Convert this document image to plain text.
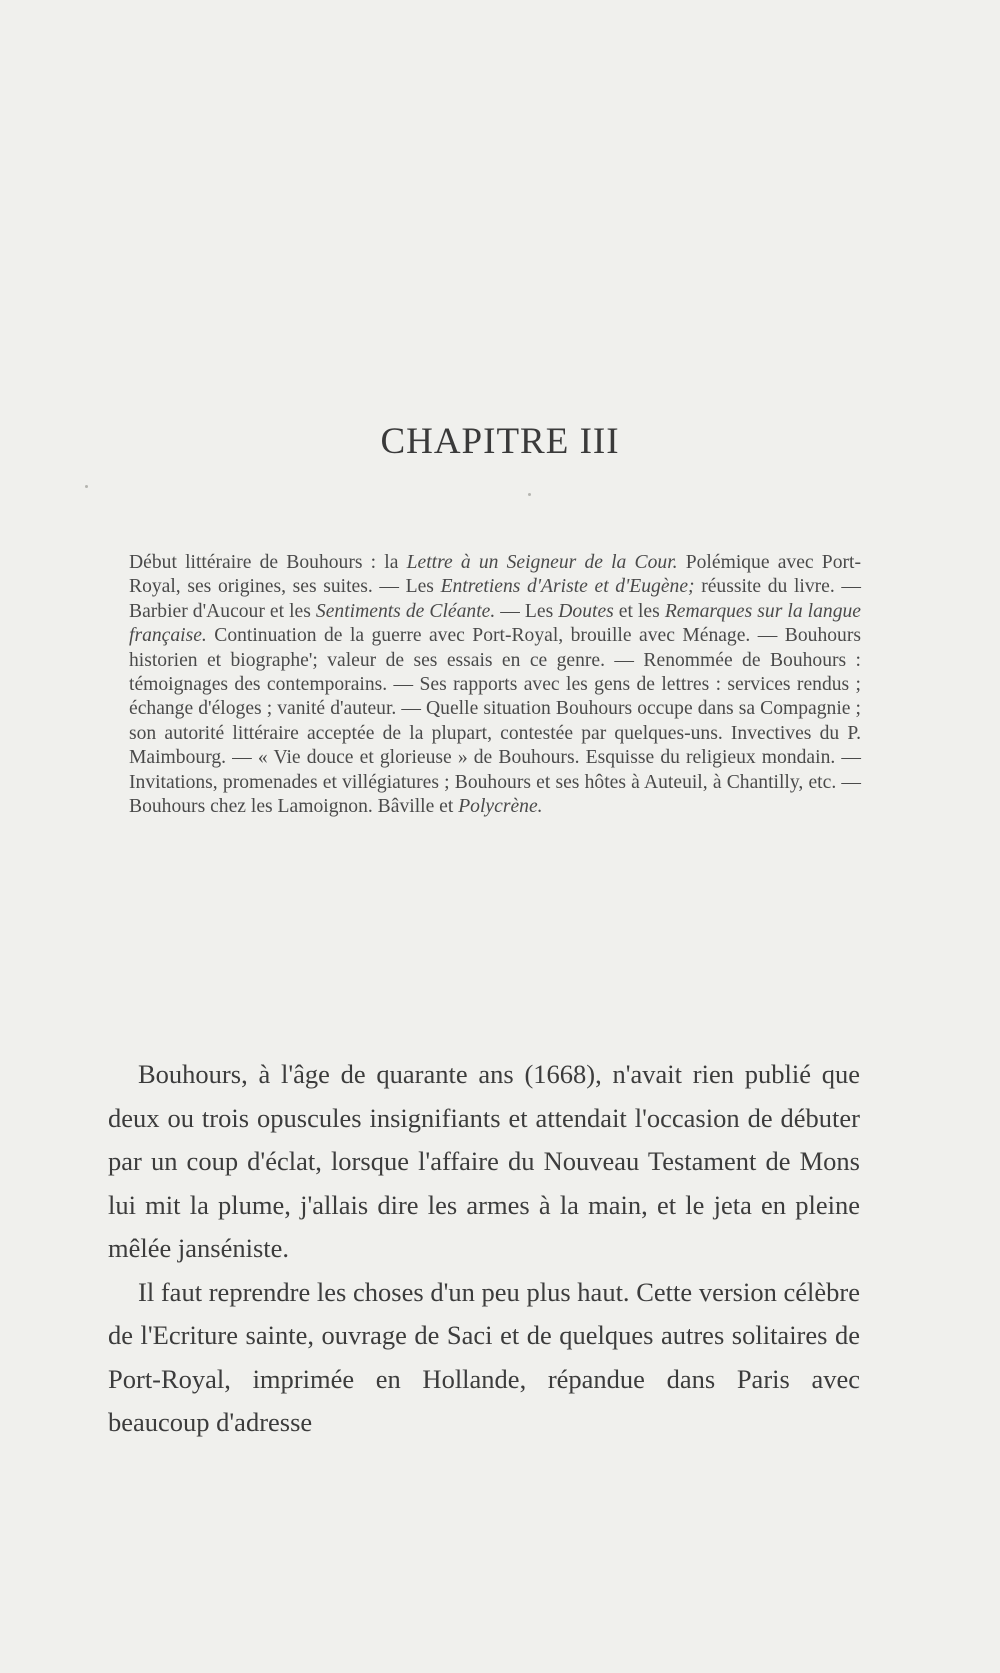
CHAPITRE III

Début littéraire de Bouhours : la Lettre à un Seigneur de la Cour. Polémique avec Port-Royal, ses origines, ses suites. — Les Entretiens d'Ariste et d'Eugène; réussite du livre. — Barbier d'Aucour et les Sentiments de Cléante. — Les Doutes et les Remarques sur la langue française. Continuation de la guerre avec Port-Royal, brouille avec Ménage. — Bouhours historien et biographe'; valeur de ses essais en ce genre. — Renommée de Bouhours : témoignages des contemporains. — Ses rapports avec les gens de lettres : services rendus ; échange d'éloges ; vanité d'auteur. — Quelle situation Bouhours occupe dans sa Compagnie ; son autorité littéraire acceptée de la plupart, contestée par quelques-uns. Invectives du P. Maimbourg. — « Vie douce et glorieuse » de Bouhours. Esquisse du religieux mondain. — Invitations, promenades et villégiatures ; Bouhours et ses hôtes à Auteuil, à Chantilly, etc. — Bouhours chez les Lamoignon. Bâville et Polycrène.

Bouhours, à l'âge de quarante ans (1668), n'avait rien publié que deux ou trois opuscules insignifiants et attendait l'occasion de débuter par un coup d'éclat, lorsque l'affaire du Nouveau Testament de Mons lui mit la plume, j'allais dire les armes à la main, et le jeta en pleine mêlée janséniste.

Il faut reprendre les choses d'un peu plus haut. Cette version célèbre de l'Ecriture sainte, ouvrage de Saci et de quelques autres solitaires de Port-Royal, imprimée en Hollande, répandue dans Paris avec beaucoup d'adresse
